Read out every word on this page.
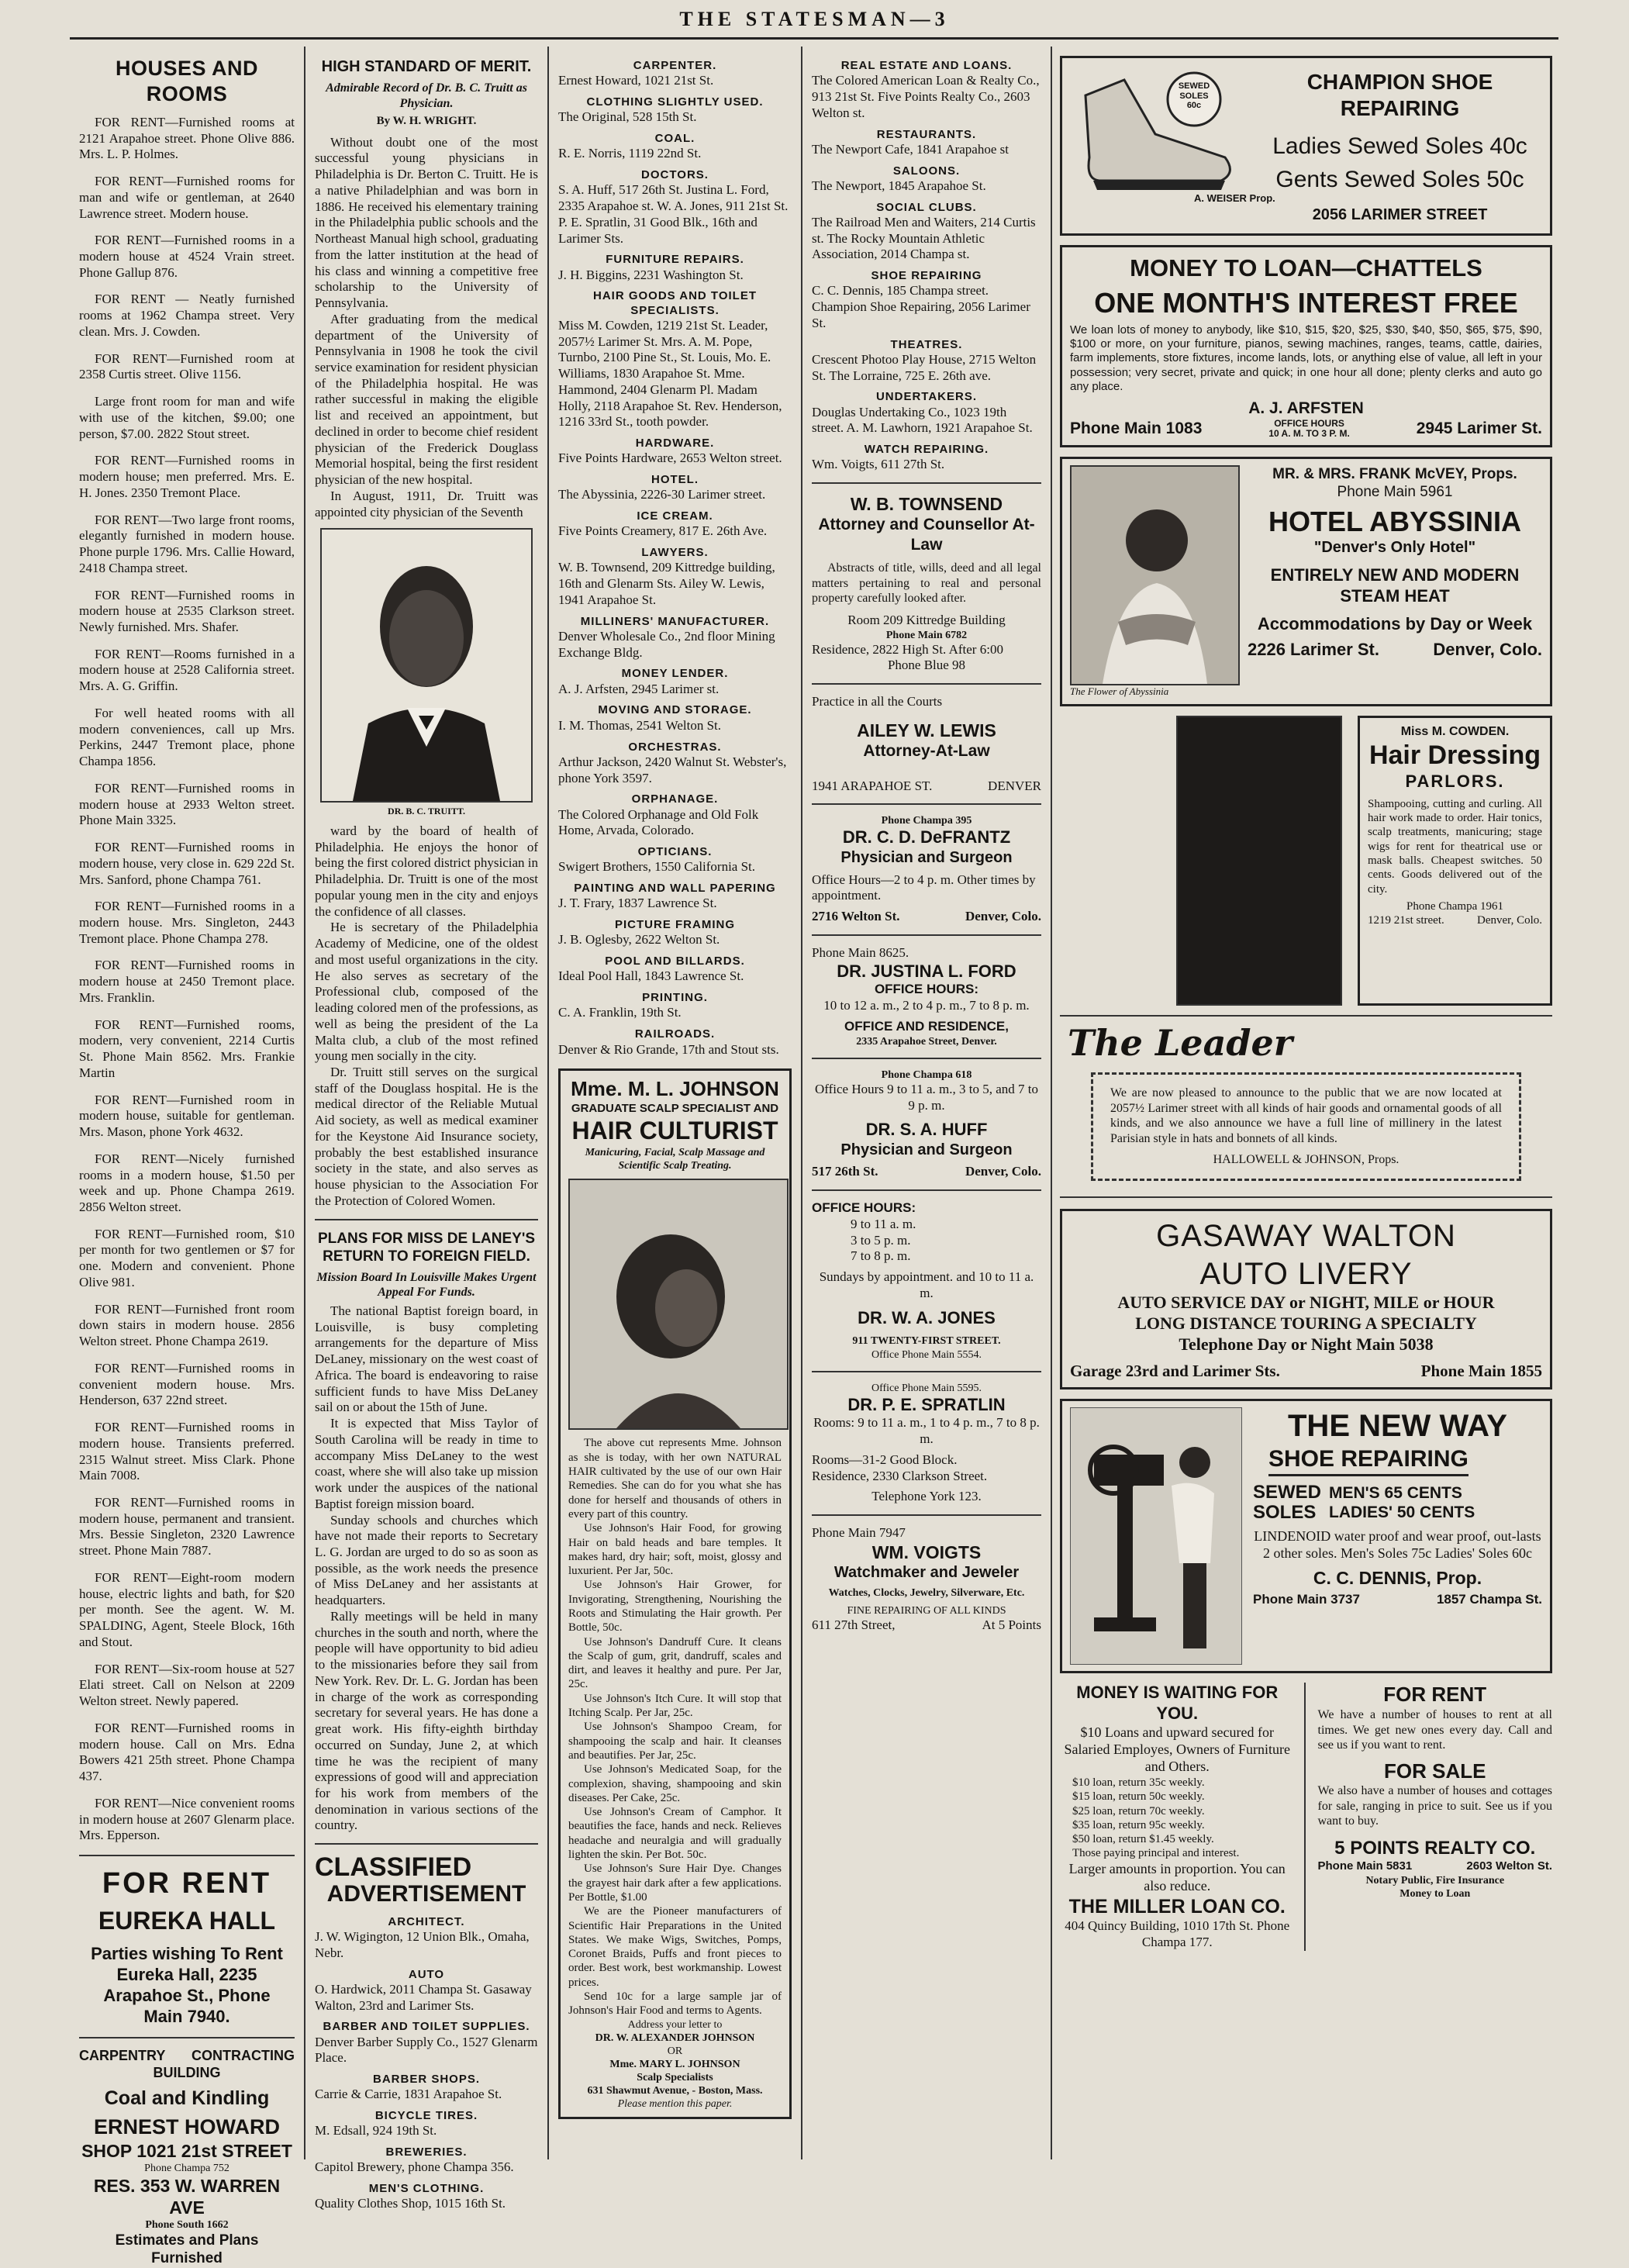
THE STATESMAN—3
HOUSES AND ROOMS
FOR RENT—Furnished rooms at 2121 Arapahoe street. Phone Olive 886. Mrs. L. P. Holmes.
FOR RENT—Furnished rooms for man and wife or gentleman, at 2640 Lawrence street. Modern house.
FOR RENT—Furnished rooms in a modern house at 4524 Vrain street. Phone Gallup 876.
FOR RENT — Neatly furnished rooms at 1962 Champa street. Very clean. Mrs. J. Cowden.
FOR RENT—Furnished room at 2358 Curtis street. Olive 1156.
Large front room for man and wife with use of the kitchen, $9.00; one person, $7.00. 2822 Stout street.
FOR RENT—Furnished rooms in modern house; men preferred. Mrs. E. H. Jones. 2350 Tremont Place.
FOR RENT—Two large front rooms, elegantly furnished in modern house. Phone purple 1796. Mrs. Callie Howard, 2418 Champa street.
FOR RENT—Furnished rooms in modern house at 2535 Clarkson street. Newly furnished. Mrs. Shafer.
FOR RENT—Rooms furnished in a modern house at 2528 California street. Mrs. A. G. Griffin.
For well heated rooms with all modern conveniences, call up Mrs. Perkins, 2447 Tremont place, phone Champa 1856.
FOR RENT—Furnished rooms in modern house at 2933 Welton street. Phone Main 3325.
FOR RENT—Furnished rooms in modern house, very close in. 629 22d St. Mrs. Sanford, phone Champa 761.
FOR RENT—Furnished rooms in a modern house. Mrs. Singleton, 2443 Tremont place. Phone Champa 278.
FOR RENT—Furnished rooms in modern house at 2450 Tremont place. Mrs. Franklin.
FOR RENT—Furnished rooms, modern, very convenient, 2214 Curtis St. Phone Main 8562. Mrs. Frankie Martin
FOR RENT—Furnished room in modern house, suitable for gentleman. Mrs. Mason, phone York 4632.
FOR RENT—Nicely furnished rooms in a modern house, $1.50 per week and up. Phone Champa 2619. 2856 Welton street.
FOR RENT—Furnished room, $10 per month for two gentlemen or $7 for one. Modern and convenient. Phone Olive 981.
FOR RENT—Furnished front room down stairs in modern house. 2856 Welton street. Phone Champa 2619.
FOR RENT—Furnished rooms in convenient modern house. Mrs. Henderson, 637 22nd street.
FOR RENT—Furnished rooms in modern house. Transients preferred. 2315 Walnut street. Miss Clark. Phone Main 7008.
FOR RENT—Furnished rooms in modern house, permanent and transient. Mrs. Bessie Singleton, 2320 Lawrence street. Phone Main 7887.
FOR RENT—Eight-room modern house, electric lights and bath, for $20 per month. See the agent. W. M. SPALDING, Agent, Steele Block, 16th and Stout.
FOR RENT—Six-room house at 527 Elati street. Call on Nelson at 2209 Welton street. Newly papered.
FOR RENT—Furnished rooms in modern house. Call on Mrs. Edna Bowers 421 25th street. Phone Champa 437.
FOR RENT—Nice convenient rooms in modern house at 2607 Glenarm place. Mrs. Epperson.
FOR RENT
EUREKA HALL
Parties wishing To Rent Eureka Hall, 2235 Arapahoe St., Phone Main 7940.
CARPENTRY CONTRACTING
BUILDING
Coal and Kindling
ERNEST HOWARD
SHOP 1021 21st STREET
Phone Champa 752
RES. 353 W. WARREN AVE
Phone South 1662
Estimates and Plans Furnished
HIGH STANDARD OF MERIT.
Admirable Record of Dr. B. C. Truitt as Physician.
By W. H. WRIGHT.

Without doubt one of the most successful young physicians in Philadelphia is Dr. Berton C. Truitt. He is a native Philadelphian and was born in 1886. He received his elementary training in the Philadelphia public schools and the Northeast Manual high school, graduating from the latter institution at the head of his class and winning a competitive free scholarship to the University of Pennsylvania.

After graduating from the medical department of the University of Pennsylvania in 1908 he took the civil service examination for resident physician of the Philadelphia hospital. He was rather successful in making the eligible list and received an appointment, but declined in order to become chief resident physician of the Frederick Douglass Memorial hospital, being the first resident physician of the new hospital.

In August, 1911, Dr. Truitt was appointed city physician of the Seventh

DR. B. C. TRUITT.

ward by the board of health of Philadelphia. He enjoys the honor of being the first colored district physician in Philadelphia. Dr. Truitt is one of the most popular young men in the city and enjoys the confidence of all classes.

He is secretary of the Philadelphia Academy of Medicine, one of the oldest and most useful organizations in the city. He also serves as secretary of the Professional club, composed of the leading colored men of the professions, as well as being the president of the La Malta club, a club of the most refined young men socially in the city.

Dr. Truitt still serves on the surgical staff of the Douglass hospital. He is the medical director of the Reliable Mutual Aid society, as well as medical examiner for the Keystone Aid Insurance society, probably the best established insurance society in the state, and also serves as house physician to the Association For the Protection of Colored Women.

PLANS FOR MISS DE LANEY'S RETURN TO FOREIGN FIELD.
Mission Board In Louisville Makes Urgent Appeal For Funds.

The national Baptist foreign board, in Louisville, is busy completing arrangements for the departure of Miss DeLaney, missionary on the west coast of Africa. The board is endeavoring to raise sufficient funds to have Miss DeLaney sail on or about the 15th of June.

It is expected that Miss Taylor of South Carolina will be ready in time to accompany Miss DeLaney to the west coast, where she will also take up mission work under the auspices of the national Baptist foreign mission board.

Sunday schools and churches which have not made their reports to Secretary L. G. Jordan are urged to do so as soon as possible, as the work needs the presence of Miss DeLaney and her assistants at headquarters.

Rally meetings will be held in many churches in the south and north, where the people will have opportunity to bid adieu to the missionaries before they sail from New York. Rev. Dr. L. G. Jordan has been in charge of the work as corresponding secretary for several years. He has done a great work. His fifty-eighth birthday occurred on Sunday, June 2, at which time he was the recipient of many expressions of good will and appreciation for his work from members of the denomination in various sections of the country.

CLASSIFIED
ADVERTISEMENT
ARCHITECT.
J. W. Wigington, 12 Union Blk., Omaha, Nebr.
AUTO
O. Hardwick, 2011 Champa St. Gasaway Walton, 23rd and Larimer Sts.
BARBER AND TOILET SUPPLIES.
Denver Barber Supply Co., 1527 Glenarm Place.
BARBER SHOPS.
Carrie & Carrie, 1831 Arapahoe St.
BICYCLE TIRES.
M. Edsall, 924 19th St.
BREWERIES.
Capitol Brewery, phone Champa 356.
MEN'S CLOTHING.
Quality Clothes Shop, 1015 16th St.
CARPENTER.
Ernest Howard, 1021 21st St.
CLOTHING SLIGHTLY USED.
The Original, 528 15th St.
COAL.
R. E. Norris, 1119 22nd St.
DOCTORS.
S. A. Huff, 517 26th St. Justina L. Ford, 2335 Arapahoe st. W. A. Jones, 911 21st St. P. E. Spratlin, 31 Good Blk., 16th and Larimer Sts.
FURNITURE REPAIRS.
J. H. Biggins, 2231 Washington St.
HAIR GOODS AND TOILET SPECIALISTS.
Miss M. Cowden, 1219 21st St. Leader, 2057½ Larimer St. Mrs. A. M. Pope, Turnbo, 2100 Pine St., St. Louis, Mo. E. Williams, 1830 Arapahoe St. Mme. Hammond, 2404 Glenarm Pl. Madam Holly, 2118 Arapahoe St. Rev. Henderson, 1216 33rd St., tooth powder.
HARDWARE.
Five Points Hardware, 2653 Welton street.
HOTEL.
The Abyssinia, 2226-30 Larimer street.
ICE CREAM.
Five Points Creamery, 817 E. 26th Ave.
LAWYERS.
W. B. Townsend, 209 Kittredge building, 16th and Glenarm Sts. Ailey W. Lewis, 1941 Arapahoe St.
MILLINERS' MANUFACTURER.
Denver Wholesale Co., 2nd floor Mining Exchange Bldg.
MONEY LENDER.
A. J. Arfsten, 2945 Larimer st.
MOVING AND STORAGE.
I. M. Thomas, 2541 Welton St.
ORCHESTRAS.
Arthur Jackson, 2420 Walnut St. Webster's, phone York 3597.
ORPHANAGE.
The Colored Orphanage and Old Folk Home, Arvada, Colorado.
OPTICIANS.
Swigert Brothers, 1550 California St.
PAINTING AND WALL PAPERING
J. T. Frary, 1837 Lawrence St.
PICTURE FRAMING
J. B. Oglesby, 2622 Welton St.
POOL AND BILLARDS.
Ideal Pool Hall, 1843 Lawrence St.
PRINTING.
C. A. Franklin, 19th St.
RAILROADS.
Denver & Rio Grande, 17th and Stout sts.
Mme. M. L. JOHNSON
GRADUATE SCALP SPECIALIST AND
HAIR CULTURIST
Manicuring, Facial, Scalp Massage and Scientific Scalp Treating.

The above cut represents Mme. Johnson as she is today, with her own NATURAL HAIR cultivated by the use of our own Hair Remedies. She can do for you what she has done for herself and thousands of others in every part of this country.

Use Johnson's Hair Food, for growing Hair on bald heads and bare temples. It makes hard, dry hair; soft, moist, glossy and luxurient. Per Jar, 50c.

Use Johnson's Hair Grower, for Invigorating, Strengthening, Nourishing the Roots and Stimulating the Hair growth. Per Bottle, 50c.

Use Johnson's Dandruff Cure. It cleans the Scalp of gum, grit, dandruff, scales and dirt, and leaves it healthy and pure. Per Jar, 25c.

Use Johnson's Itch Cure. It will stop that Itching Scalp. Per Jar, 25c.

Use Johnson's Shampoo Cream, for shampooing the scalp and hair. It cleanses and beautifies. Per Jar, 25c.

Use Johnson's Medicated Soap, for the complexion, shaving, shampooing and skin diseases. Per Cake, 25c.

Use Johnson's Cream of Camphor. It beautifies the face, hands and neck. Relieves headache and neuralgia and will gradually lighten the skin. Per Bot. 50c.

Use Johnson's Sure Hair Dye. Changes the grayest hair dark after a few applications. Per Bottle, $1.00

We are the Pioneer manufacturers of Scientific Hair Preparations in the United States. We make Wigs, Switches, Pomps, Coronet Braids, Puffs and front pieces to order. Best work, best workmanship. Lowest prices.

Send 10c for a large sample jar of Johnson's Hair Food and terms to Agents.

Address your letter to
DR. W. ALEXANDER JOHNSON
OR
Mme. MARY L. JOHNSON
Scalp Specialists
631 Shawmut Avenue, - Boston, Mass.
Please mention this paper.
REAL ESTATE AND LOANS.
The Colored American Loan & Realty Co., 913 21st St. Five Points Realty Co., 2603 Welton st.
RESTAURANTS.
The Newport Cafe, 1841 Arapahoe st
SALOONS.
The Newport, 1845 Arapahoe St.
SOCIAL CLUBS.
The Railroad Men and Waiters, 214 Curtis st. The Rocky Mountain Athletic Association, 2014 Champa st.
SHOE REPAIRING
C. C. Dennis, 185 Champa street. Champion Shoe Repairing, 2056 Larimer St.
THEATRES.
Crescent Photoo Play House, 2715 Welton St. The Lorraine, 725 E. 26th ave.
UNDERTAKERS.
Douglas Undertaking Co., 1023 19th street. A. M. Lawhorn, 1921 Arapahoe St.
WATCH REPAIRING.
Wm. Voigts, 611 27th St.
W. B. TOWNSEND
Attorney and Counsellor At-Law

Abstracts of title, wills, deed and all legal matters pertaining to real and personal property carefully looked after.

Room 209 Kittredge Building
Phone Main 6782
Residence, 2822 High St. After 6:00
Phone Blue 98
Practice in all the Courts
AILEY W. LEWIS
Attorney-At-Law
1941 ARAPAHOE ST.	DENVER
Phone Champa 395
DR. C. D. DeFRANTZ
Physician and Surgeon
Office Hours—2 to 4 p. m. Other times by appointment.
2716 Welton St.	Denver, Colo.
Phone Main 8625.
DR. JUSTINA L. FORD
OFFICE HOURS:
10 to 12 a. m., 2 to 4 p. m., 7 to 8 p. m.
OFFICE AND RESIDENCE,
2335 Arapahoe Street, Denver.
Phone Champa 618
Office Hours 9 to 11 a. m., 3 to 5, and 7 to 9 p. m.
DR. S. A. HUFF
Physician and Surgeon
517 26th St.	Denver, Colo.
OFFICE HOURS:
9 to 11 a. m.
3 to 5 p. m.
7 to 8 p. m.
Sundays by appointment. and 10 to 11 a. m.
DR. W. A. JONES
911 TWENTY-FIRST STREET.
Office Phone Main 5554.
Office Phone Main 5595.
DR. P. E. SPRATLIN
Rooms: 9 to 11 a. m., 1 to 4 p. m., 7 to 8 p. m.
Rooms—31-2 Good Block.
Residence, 2330 Clarkson Street.
Telephone York 123.
Phone Main 7947
WM. VOIGTS
Watchmaker and Jeweler
Watches, Clocks, Jewelry, Silverware, Etc.
FINE REPAIRING OF ALL KINDS
611 27th Street,	At 5 Points
SEWED
SOLES
60c
A. WEISER Prop.
CHAMPION SHOE REPAIRING
Ladies Sewed Soles 40c
Gents Sewed Soles 50c
2056 LARIMER STREET
MONEY TO LOAN—CHATTELS
ONE MONTH'S INTEREST FREE
We loan lots of money to anybody, like $10, $15, $20, $25, $30, $40, $50, $65, $75, $90, $100 or more, on your furniture, pianos, sewing machines, ranges, teams, cattle, dairies, farm implements, store fixtures, income lands, lots, or anything else of value, all left in your possession; very secret, private and quick; in one hour all done; plenty clerks and auto go any place.
A. J. ARFSTEN
Phone Main 1083	OFFICE HOURS
10 A. M. TO 3 P. M.	2945 Larimer St.
The Flower of Abyssinia
MR. & MRS. FRANK McVEY, Props.
Phone Main 5961
HOTEL ABYSSINIA
"Denver's Only Hotel"
ENTIRELY NEW AND MODERN
STEAM HEAT
Accommodations by Day or Week
2226 Larimer St.	Denver, Colo.
Miss M. COWDEN.
Hair Dressing
PARLORS.
Shampooing, cutting and curling. All hair work made to order. Hair tonics, scalp treatments, manicuring; stage wigs for rent for theatrical use or mask balls. Cheapest switches. 50 cents. Goods delivered out of the city.
Phone Champa 1961
1219 21st street.	Denver, Colo.
The Leader
We are now pleased to announce to the public that we are now located at 2057½ Larimer street with all kinds of hair goods and ornamental goods of all kinds, and we also announce we have a full line of millinery in the latest Parisian style in hats and bonnets of all kinds.
HALLOWELL & JOHNSON, Props.
GASAWAY WALTON
AUTO LIVERY
AUTO SERVICE DAY or NIGHT, MILE or HOUR
LONG DISTANCE TOURING A SPECIALTY
Telephone Day or Night Main 5038
Garage 23rd and Larimer Sts.	Phone Main 1855
THE NEW WAY
SHOE REPAIRING
SEWED
SOLES
MEN'S 65 CENTS
LADIES' 50 CENTS
LINDENOID water proof and wear proof, out-lasts 2 other soles. Men's Soles 75c Ladies' Soles 60c
C. C. DENNIS, Prop.
Phone Main 3737	1857 Champa St.
MONEY IS WAITING FOR YOU.
$10 Loans and upward secured for Salaried Employes, Owners of Furniture and Others.
$10 loan, return 35c weekly.
$15 loan, return 50c weekly.
$25 loan, return 70c weekly.
$35 loan, return 95c weekly.
$50 loan, return $1.45 weekly.
Those paying principal and interest.
Larger amounts in proportion. You can also reduce.
THE MILLER LOAN CO.
404 Quincy Building, 1010 17th St. Phone Champa 177.
FOR RENT
We have a number of houses to rent at all times. We get new ones every day. Call and see us if you want to rent.
FOR SALE
We also have a number of houses and cottages for sale, ranging in price to suit. See us if you want to buy.
5 POINTS REALTY CO.
Phone Main 5831	2603 Welton St.
Notary Public, Fire Insurance
Money to Loan
